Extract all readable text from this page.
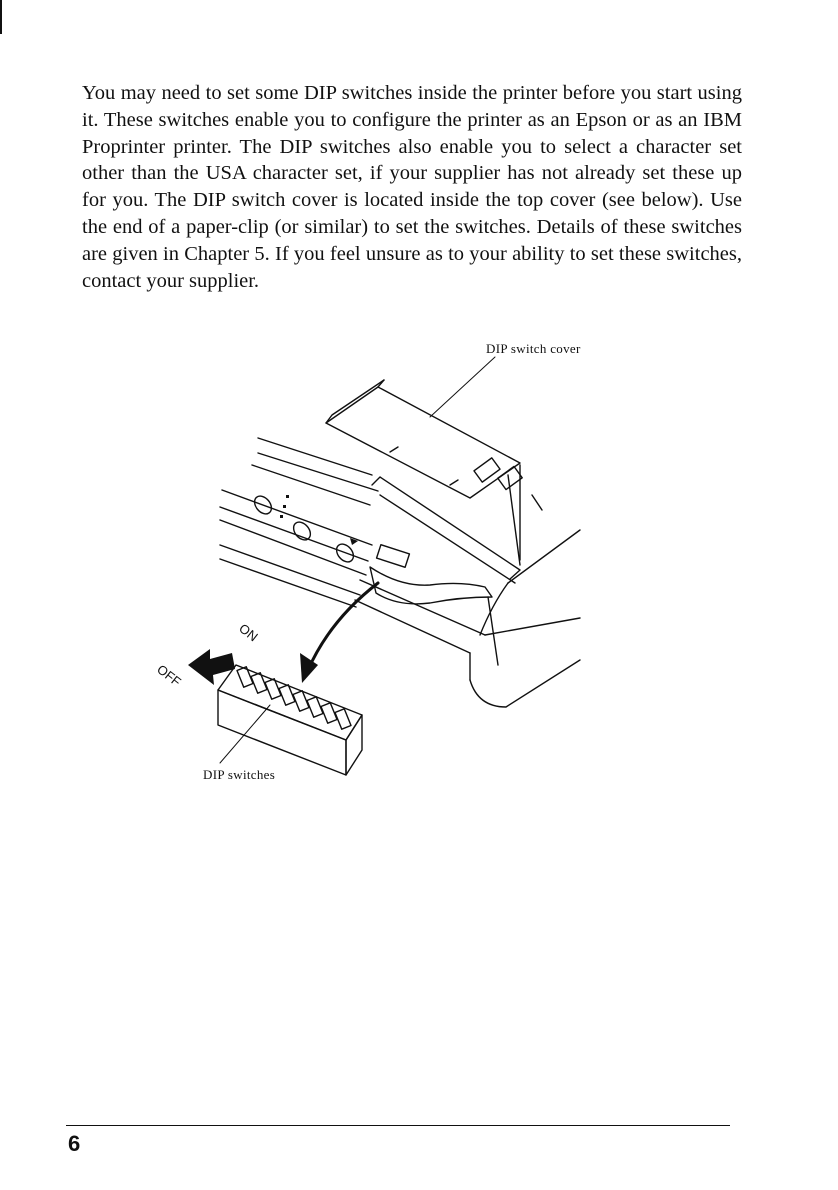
You may need to set some DIP switches inside the printer before you start using it. These switches enable you to configure the printer as an Epson or as an IBM Proprinter printer. The DIP switches also enable you to select a character set other than the USA character set, if your supplier has not already set these up for you. The DIP switch cover is located inside the top cover (see below). Use the end of a paper-clip (or similar) to set the switches. Details of these switches are given in Chapter 5. If you feel unsure as to your ability to set these switches, contact your supplier.

DIP switch cover
DIP switches
ON
OFF
6
